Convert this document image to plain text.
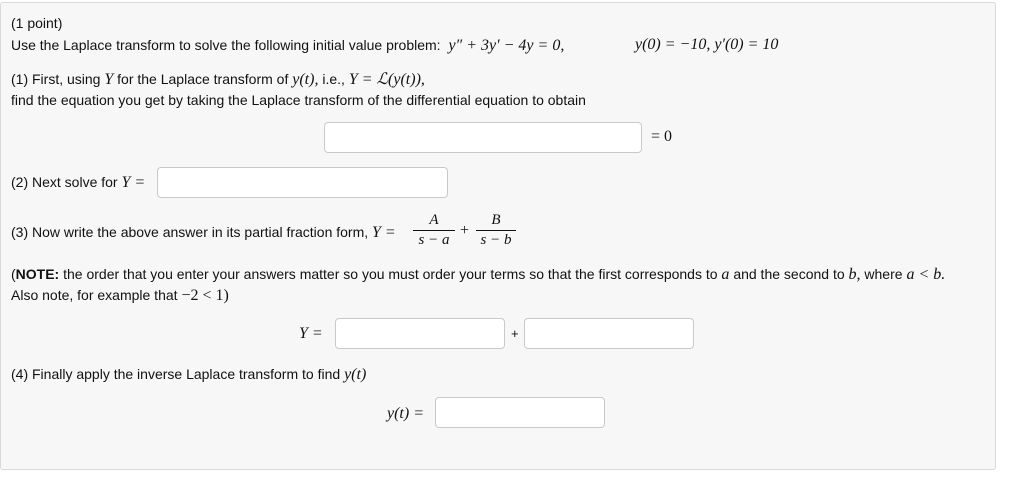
(1 point)
Use the Laplace transform to solve the following initial value problem: y″ + 3y′ − 4y = 0,	y(0) = −10, y′(0) = 10
(1) First, using Y for the Laplace transform of y(t), i.e., Y = ℒ(y(t)),
find the equation you get by taking the Laplace transform of the differential equation to obtain
= 0
(2) Next solve for Y =
(3) Now write the above answer in its partial fraction form, Y =
A
s − a
+
B
s − b
(NOTE: the order that you enter your answers matter so you must order your terms so that the first corresponds to a and the second to b, where a < b.
Also note, for example that −2 < 1)
Y =	+
(4) Finally apply the inverse Laplace transform to find y(t)
y(t) =
